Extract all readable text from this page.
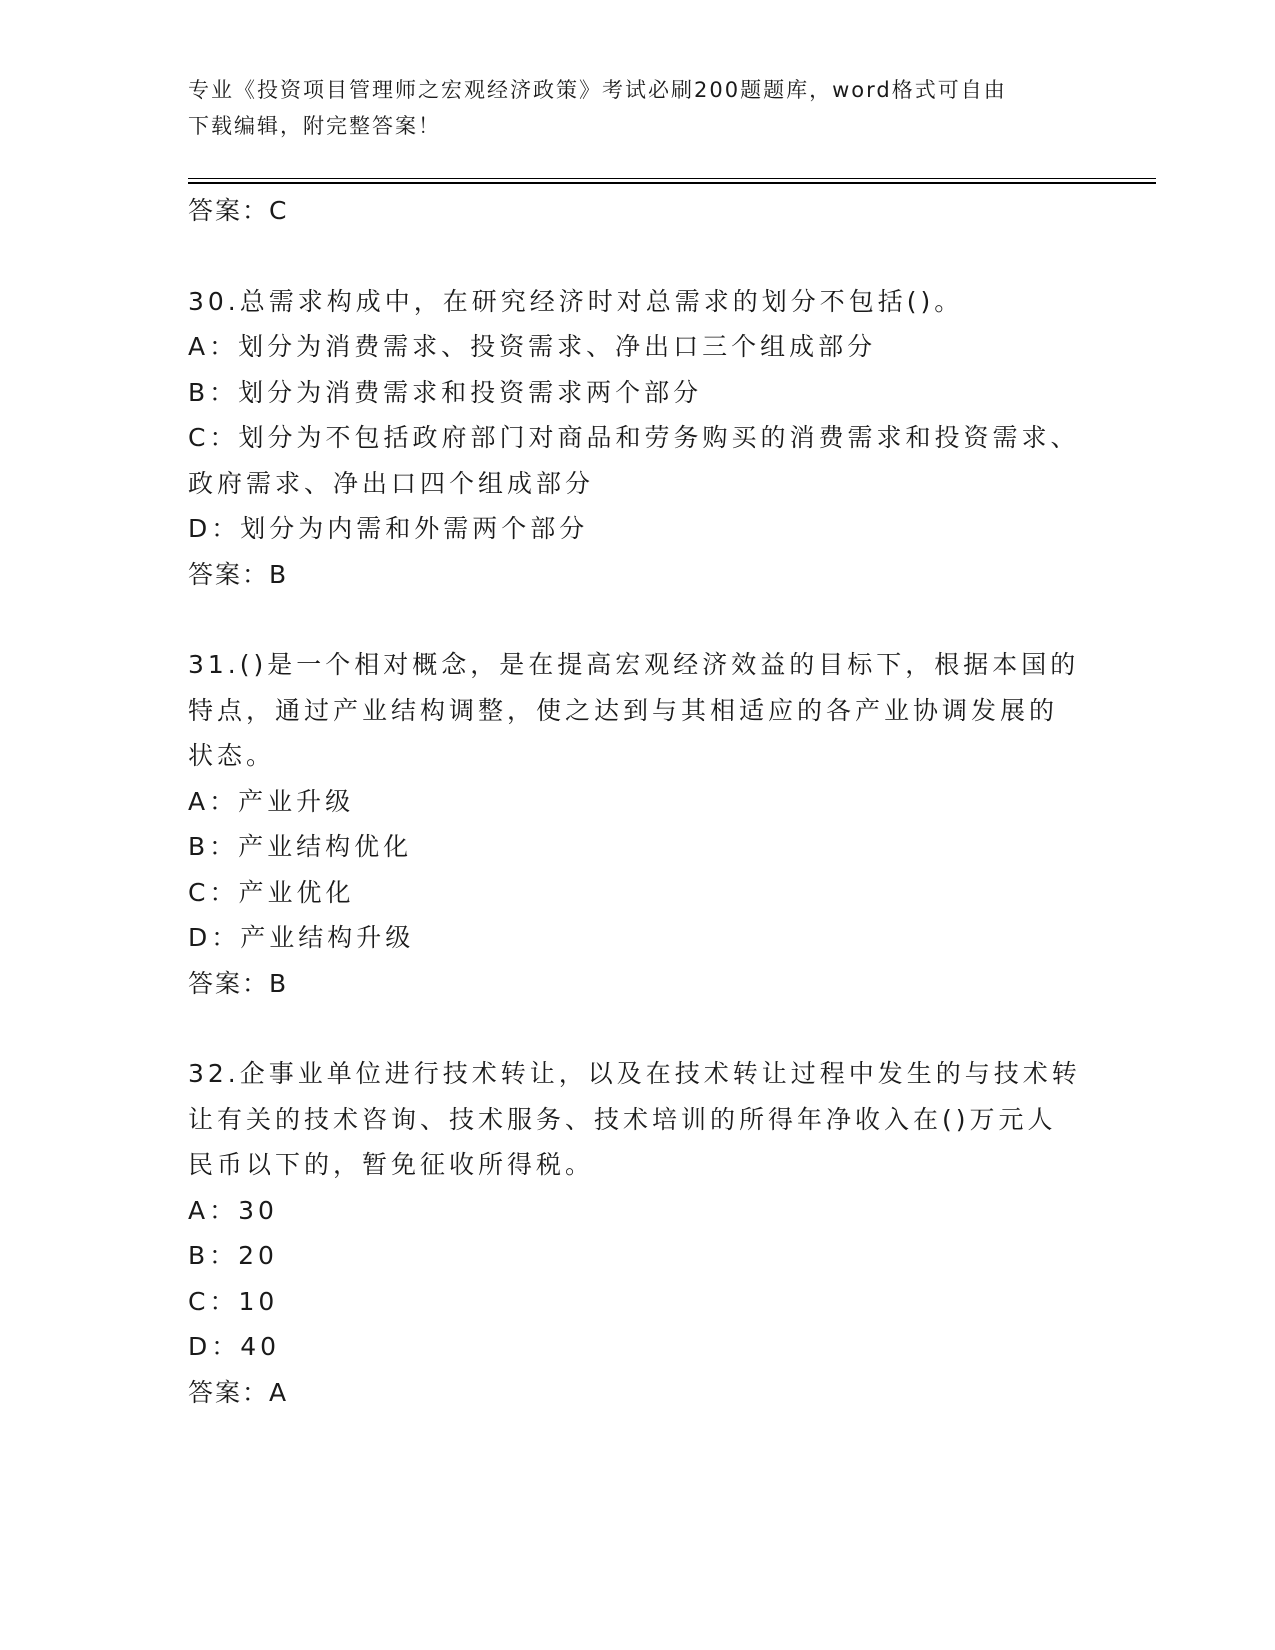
专业《投资项目管理师之宏观经济政策》考试必刷200题题库，word格式可自由
下载编辑，附完整答案！
答案：C
30.总需求构成中，在研究经济时对总需求的划分不包括()。
A：划分为消费需求、投资需求、净出口三个组成部分
B：划分为消费需求和投资需求两个部分
C：划分为不包括政府部门对商品和劳务购买的消费需求和投资需求、
政府需求、净出口四个组成部分
D：划分为内需和外需两个部分
答案：B
31.()是一个相对概念，是在提高宏观经济效益的目标下，根据本国的
特点，通过产业结构调整，使之达到与其相适应的各产业协调发展的
状态。
A：产业升级
B：产业结构优化
C：产业优化
D：产业结构升级
答案：B
32.企事业单位进行技术转让，以及在技术转让过程中发生的与技术转
让有关的技术咨询、技术服务、技术培训的所得年净收入在()万元人
民币以下的，暂免征收所得税。
A：30
B：20
C：10
D：40
答案：A
